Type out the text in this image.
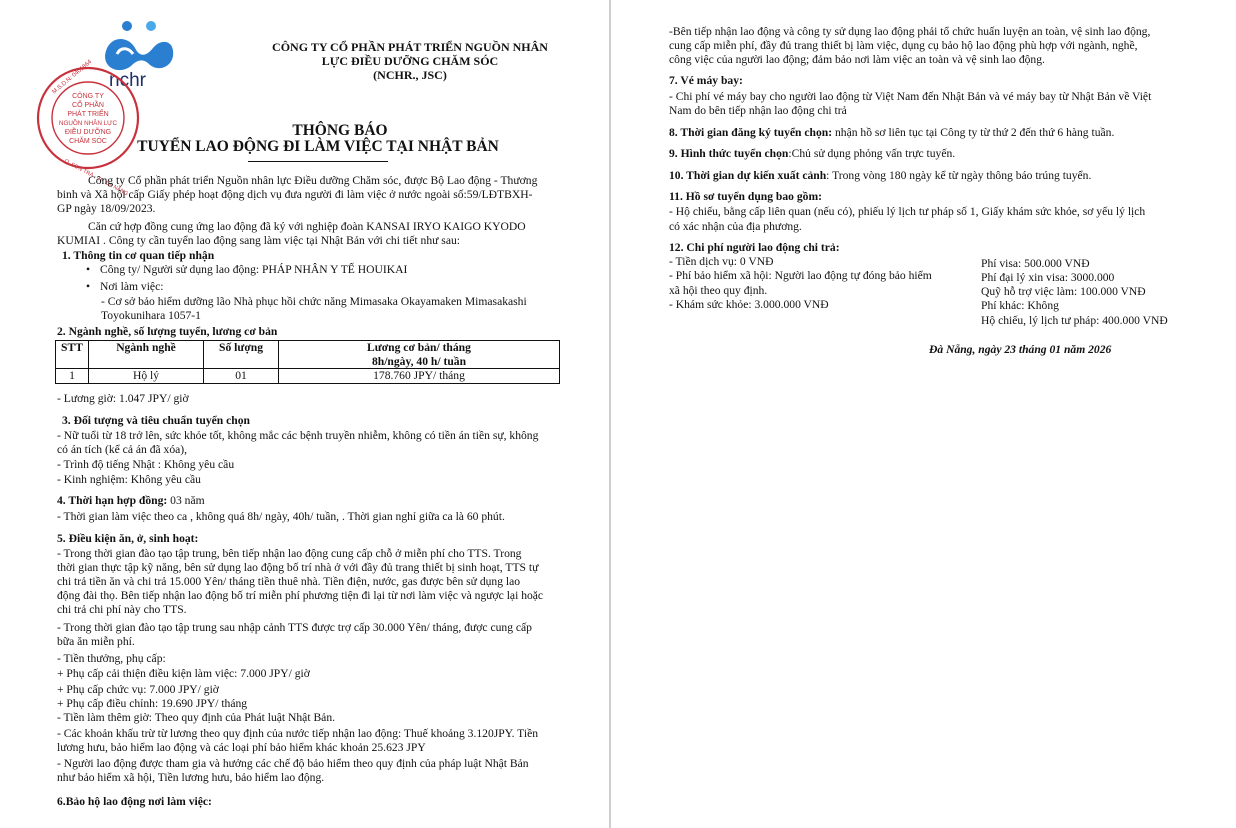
nchr
CÔNG TY
CỔ PHẦN
PHÁT TRIỂN
NGUỒN NHÂN LỰC
ĐIỀU DƯỠNG
CHĂM SÓC
M.S.D.N: 0401864
Q. SƠN TRÀ - TP. ĐÀ NẴNG
CÔNG TY CỔ PHẦN PHÁT TRIỂN NGUỒN NHÂN
LỰC ĐIỀU DƯỠNG CHĂM SÓC
(NCHR., JSC)
THÔNG BÁO
TUYỂN LAO ĐỘNG ĐI LÀM VIỆC TẠI NHẬT BẢN
Công ty Cổ phần phát triển Nguồn nhân lực Điều dưỡng Chăm sóc, được Bộ Lao động - Thương
binh và Xã hội cấp Giấy phép hoạt động dịch vụ đưa người đi làm việc ở nước ngoài số:59/LĐTBXH-
GP ngày 18/09/2023.
Căn cứ hợp đồng cung ứng lao động đã ký với nghiệp đoàn KANSAI IRYO KAIGO KYODO
KUMIAI . Công ty cần tuyển lao động sang làm việc tại Nhật Bản với chi tiết như sau:
1. Thông tin cơ quan tiếp nhận
• Công ty/ Người sử dụng lao động: PHÁP NHÂN Y TẾ HOUIKAI
• Nơi làm việc:
- Cơ sở bảo hiểm dưỡng lão Nhà phục hồi chức năng Mimasaka Okayamaken Mimasakashi
Toyokunihara 1057-1
2. Ngành nghề, số lượng tuyển, lương cơ bản
STT	Ngành nghề	Số lượng	Lương cơ bản/ tháng
8h/ngày, 40 h/ tuần

1	Hộ lý	01	178.760 JPY/ tháng
- Lương giờ: 1.047 JPY/ giờ
3. Đối tượng và tiêu chuẩn tuyển chọn
- Nữ tuổi từ 18 trở lên, sức khỏe tốt, không mắc các bệnh truyền nhiễm, không có tiền án tiền sự, không
có án tích (kể cả án đã xóa),
- Trình độ tiếng Nhật : Không yêu cầu
- Kinh nghiệm: Không yêu cầu
4. Thời hạn hợp đồng: 03 năm
- Thời gian làm việc theo ca , không quá 8h/ ngày, 40h/ tuần, . Thời gian nghỉ giữa ca là 60 phút.
5. Điều kiện ăn, ở, sinh hoạt:
- Trong thời gian đào tạo tập trung, bên tiếp nhận lao động cung cấp chỗ ở miễn phí cho TTS. Trong
thời gian thực tập kỹ năng, bên sử dụng lao động bố trí nhà ở với đầy đủ trang thiết bị sinh hoạt, TTS tự
chi trả tiền ăn và chi trả 15.000 Yên/ tháng tiền thuê nhà. Tiền điện, nước, gas được bên sử dụng lao
động đài thọ. Bên tiếp nhận lao động bố trí miễn phí phương tiện đi lại từ nơi làm việc và ngược lại hoặc
chi trả chi phí này cho TTS.
- Trong thời gian đào tạo tập trung sau nhập cảnh TTS được trợ cấp 30.000 Yên/ tháng, được cung cấp
bữa ăn miễn phí.
- Tiền thưởng, phụ cấp:
+ Phụ cấp cải thiện điều kiện làm việc: 7.000 JPY/ giờ
+ Phụ cấp chức vụ: 7.000 JPY/ giờ
+ Phụ cấp điều chỉnh: 19.690 JPY/ tháng
- Tiền làm thêm giờ: Theo quy định của Phát luật Nhật Bản.
- Các khoản khấu trừ từ lương theo quy định của nước tiếp nhận lao động: Thuế khoảng 3.120JPY. Tiền
lương hưu, bảo hiểm lao động và các loại phí bảo hiểm khác khoản 25.623 JPY
- Người lao động được tham gia và hưởng các chế độ bảo hiểm theo quy định của pháp luật Nhật Bản
như bảo hiểm xã hội, Tiền lương hưu, bảo hiểm lao động.
6.Bảo hộ lao động nơi làm việc:
-Bên tiếp nhận lao động và công ty sử dụng lao động phải tổ chức huấn luyện an toàn, vệ sinh lao động,
cung cấp miễn phí, đầy đủ trang thiết bị làm việc, dụng cụ bảo hộ lao động phù hợp với ngành, nghề,
công việc của người lao động; đảm bảo nơi làm việc an toàn và vệ sinh lao động.
7. Vé máy bay:
- Chi phí vé máy bay cho người lao động từ Việt Nam đến Nhật Bản và vé máy bay từ Nhật Bản về Việt
Nam do bên tiếp nhận lao động chi trả
8. Thời gian đăng ký tuyển chọn: nhận hồ sơ liên tục tại Công ty từ thứ 2 đến thứ 6 hàng tuần.
9. Hình thức tuyển chọn:Chủ sử dụng phỏng vấn trực tuyến.
10. Thời gian dự kiến xuất cảnh: Trong vòng 180 ngày kể từ ngày thông báo trúng tuyển.
11. Hồ sơ tuyển dụng bao gồm:
- Hộ chiếu, bằng cấp liên quan (nếu có), phiếu lý lịch tư pháp số 1, Giấy khám sức khỏe, sơ yếu lý lịch
có xác nhận của địa phương.
12. Chi phí người lao động chi trả:
- Tiền dịch vụ: 0 VNĐ
- Phí bảo hiểm xã hội: Người lao động tự đóng bảo hiểm
xã hội theo quy định.
- Khám sức khỏe: 3.000.000 VNĐ
Phí visa: 500.000 VNĐ
Phí đại lý xin visa: 3000.000
Quỹ hỗ trợ việc làm: 100.000 VNĐ
Phí khác: Không
Hộ chiếu, lý lịch tư pháp: 400.000 VNĐ
Đà Nẵng, ngày 23 tháng 01 năm 2026
